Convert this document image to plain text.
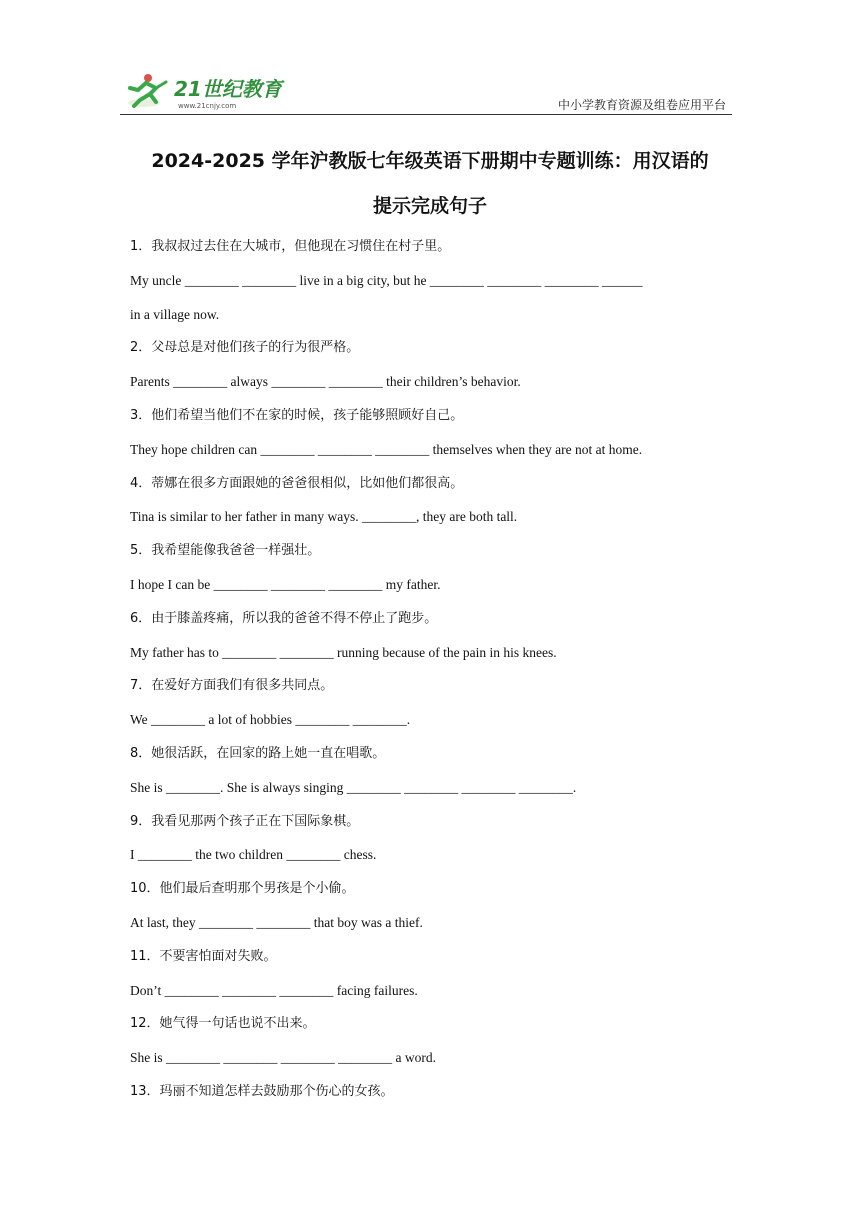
21世纪教育
www.21cnjy.com	中小学教育资源及组卷应用平台
2024-2025 学年沪教版七年级英语下册期中专题训练：用汉语的
提示完成句子
1．我叔叔过去住在大城市，但他现在习惯住在村子里。
My uncle ________ ________ live in a big city, but he ________ ________ ________ ______
in a village now.
2．父母总是对他们孩子的行为很严格。
Parents ________ always ________ ________ their children’s behavior.
3．他们希望当他们不在家的时候，孩子能够照顾好自己。
They hope children can ________ ________ ________ themselves when they are not at home.
4．蒂娜在很多方面跟她的爸爸很相似，比如他们都很高。
Tina is similar to her father in many ways. ________, they are both tall.
5．我希望能像我爸爸一样强壮。
I hope I can be ________ ________ ________ my father.
6．由于膝盖疼痛，所以我的爸爸不得不停止了跑步。
My father has to ________ ________ running because of the pain in his knees.
7．在爱好方面我们有很多共同点。
We ________ a lot of hobbies ________ ________.
8．她很活跃，在回家的路上她一直在唱歌。
She is ________. She is always singing ________ ________ ________ ________.
9．我看见那两个孩子正在下国际象棋。
I ________ the two children ________ chess.
10．他们最后查明那个男孩是个小偷。
At last, they ________ ________ that boy was a thief.
11．不要害怕面对失败。
Don’t ________ ________ ________ facing failures.
12．她气得一句话也说不出来。
She is ________ ________ ________ ________ a word.
13．玛丽不知道怎样去鼓励那个伤心的女孩。
